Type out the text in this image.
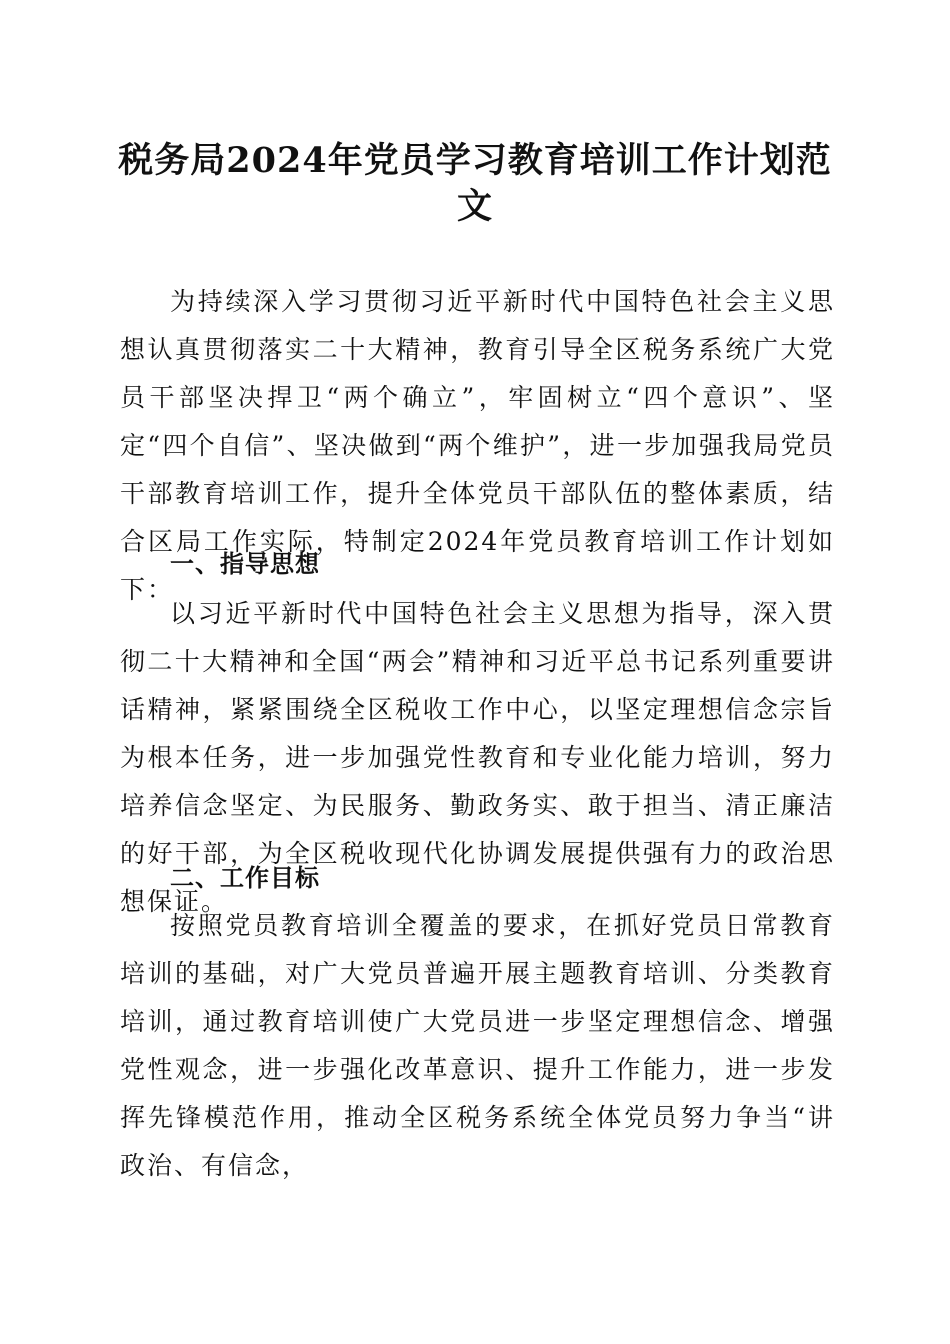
税务局2024年党员学习教育培训工作计划范文

为持续深入学习贯彻习近平新时代中国特色社会主义思想认真贯彻落实二十大精神，教育引导全区税务系统广大党员干部坚决捍卫“两个确立”，牢固树立“四个意识”、坚定“四个自信”、坚决做到“两个维护”，进一步加强我局党员干部教育培训工作，提升全体党员干部队伍的整体素质，结合区局工作实际，特制定2024年党员教育培训工作计划如下：

一、指导思想

以习近平新时代中国特色社会主义思想为指导，深入贯彻二十大精神和全国“两会”精神和习近平总书记系列重要讲话精神，紧紧围绕全区税收工作中心，以坚定理想信念宗旨为根本任务，进一步加强党性教育和专业化能力培训，努力培养信念坚定、为民服务、勤政务实、敢于担当、清正廉洁的好干部，为全区税收现代化协调发展提供强有力的政治思想保证。

二、工作目标

按照党员教育培训全覆盖的要求，在抓好党员日常教育培训的基础，对广大党员普遍开展主题教育培训、分类教育培训，通过教育培训使广大党员进一步坚定理想信念、增强党性观念，进一步强化改革意识、提升工作能力，进一步发挥先锋模范作用，推动全区税务系统全体党员努力争当“讲政治、有信念，
